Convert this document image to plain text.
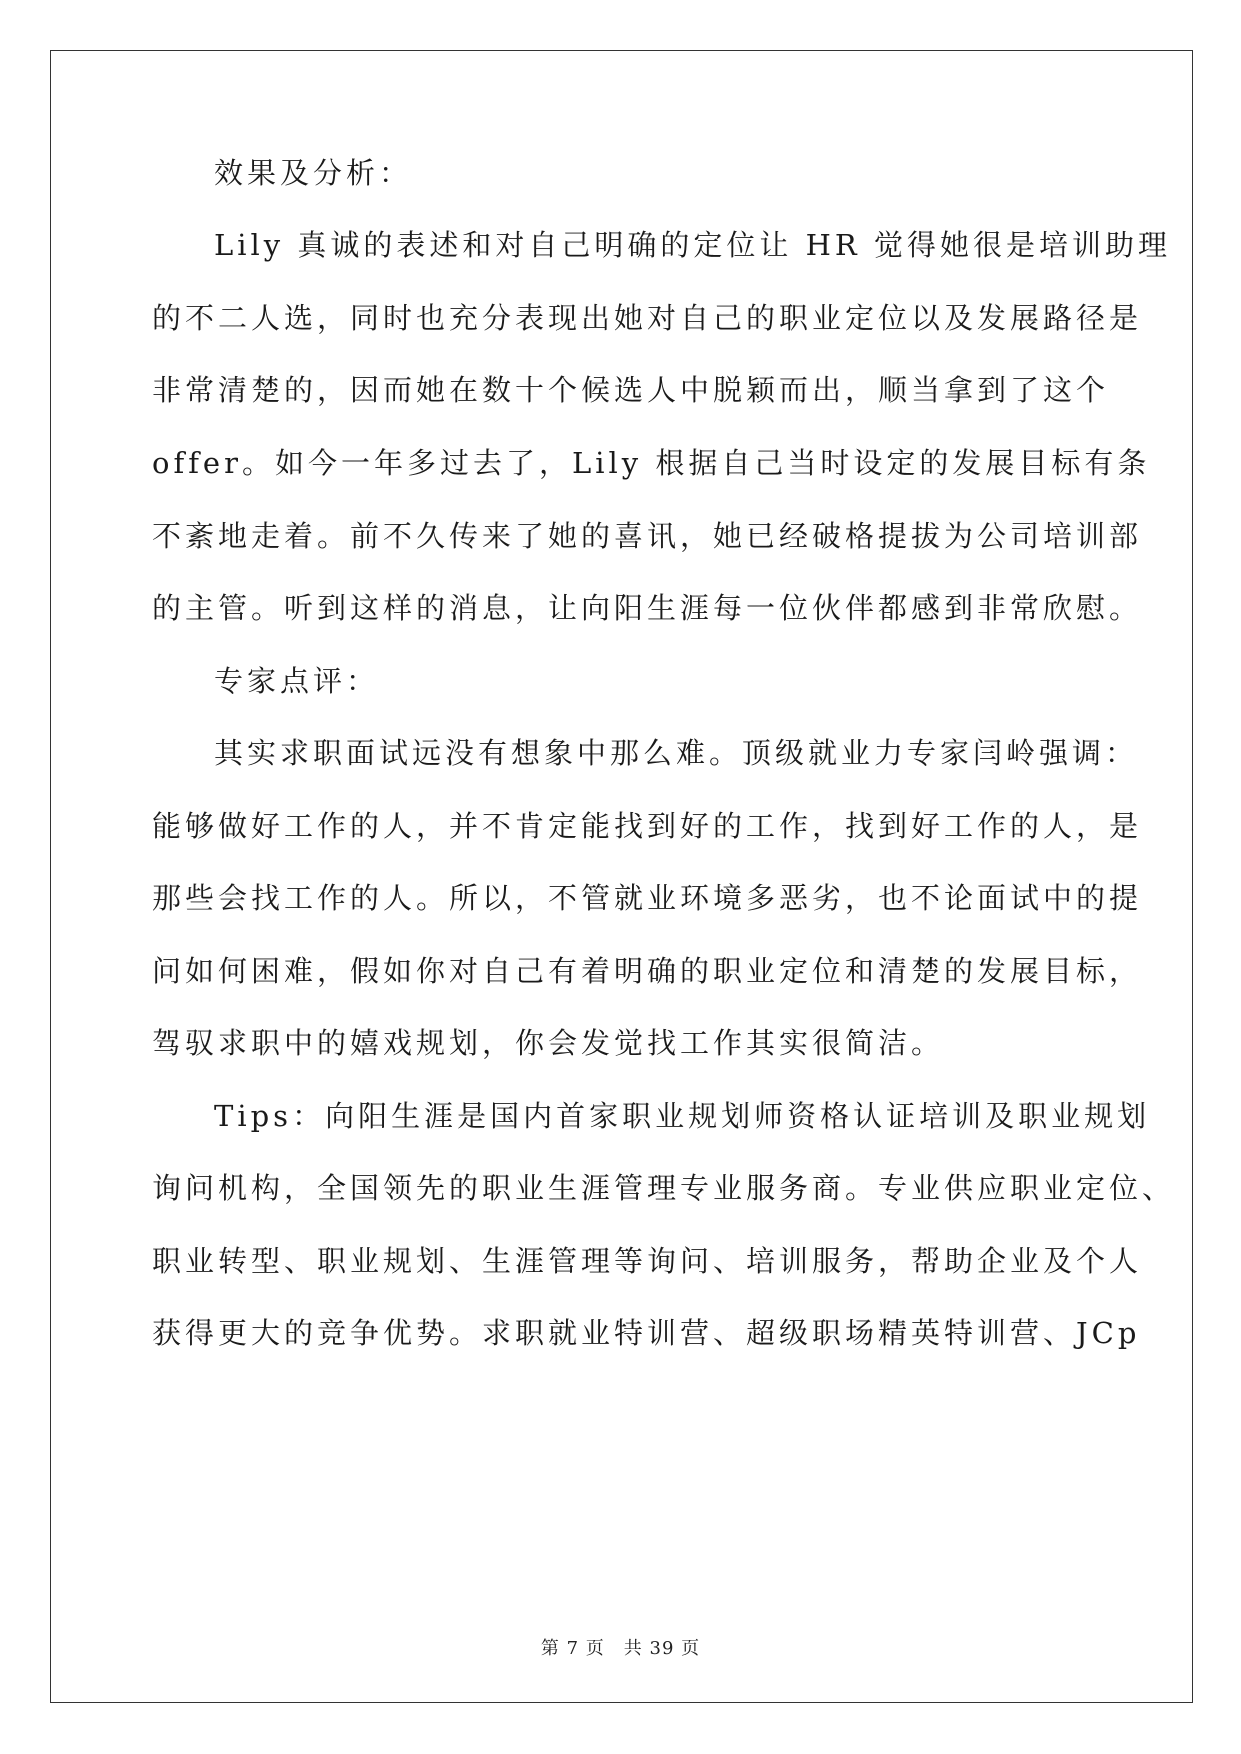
效果及分析：
Lily 真诚的表述和对自己明确的定位让 HR 觉得她很是培训助理
的不二人选，同时也充分表现出她对自己的职业定位以及发展路径是
非常清楚的，因而她在数十个候选人中脱颖而出，顺当拿到了这个
offer。如今一年多过去了，Lily 根据自己当时设定的发展目标有条
不紊地走着。前不久传来了她的喜讯，她已经破格提拔为公司培训部
的主管。听到这样的消息，让向阳生涯每一位伙伴都感到非常欣慰。
专家点评：
其实求职面试远没有想象中那么难。顶级就业力专家闫岭强调：
能够做好工作的人，并不肯定能找到好的工作，找到好工作的人，是
那些会找工作的人。所以，不管就业环境多恶劣，也不论面试中的提
问如何困难，假如你对自己有着明确的职业定位和清楚的发展目标，
驾驭求职中的嬉戏规划，你会发觉找工作其实很简洁。
Tips：向阳生涯是国内首家职业规划师资格认证培训及职业规划
询问机构，全国领先的职业生涯管理专业服务商。专业供应职业定位、
职业转型、职业规划、生涯管理等询问、培训服务，帮助企业及个人
获得更大的竞争优势。求职就业特训营、超级职场精英特训营、JCp
第 7 页　共 39 页
